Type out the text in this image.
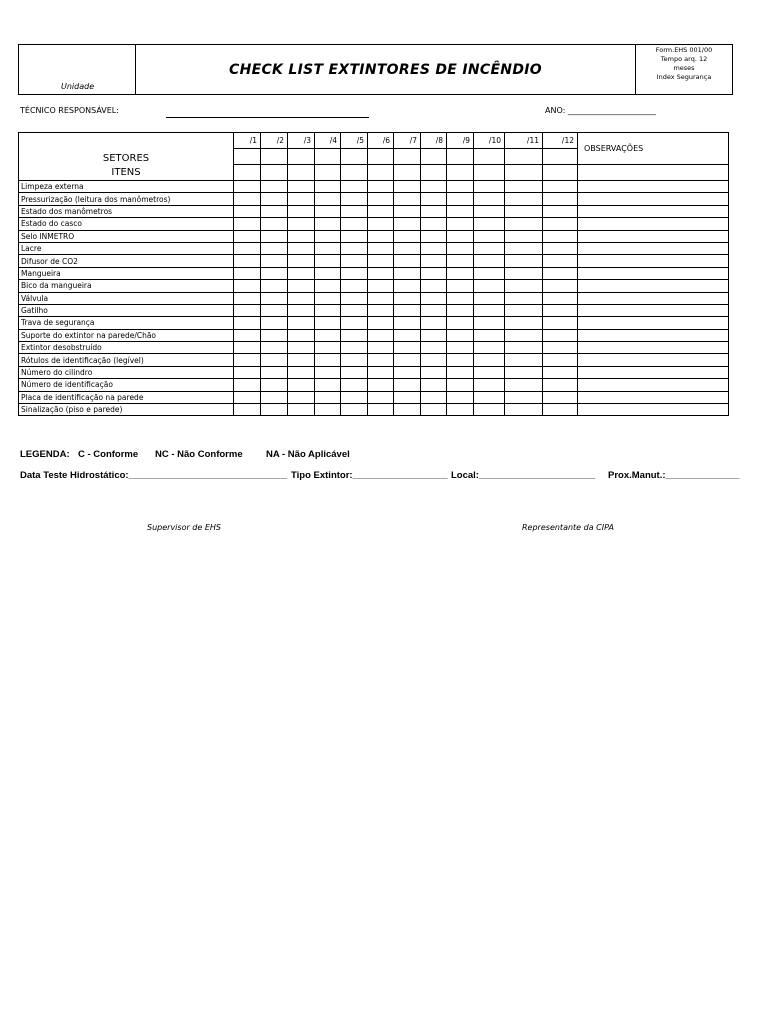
Unidade
CHECK LIST EXTINTORES DE INCÊNDIO
Form.EHS 001/00
Tempo arq. 12
meses
Index Segurança
TÉCNICO RESPONSÁVEL:	ANO: ______________________
SETORES
ITENS	/1	/2	/3	/4	/5	/6	/7	/8	/9	/10	/11	/12	OBSERVAÇÕES

Limpeza externa													
Pressurização (leitura dos manômetros)													
Estado dos manômetros													
Estado do casco													
Selo INMETRO													
Lacre													
Difusor de CO2													
Mangueira													
Bico da mangueira													
Válvula													
Gatilho													
Trava de segurança													
Suporte do extintor na parede/Chão													
Extintor desobstruído													
Rótulos de identificação (legível)													
Número do cilindro													
Número de identificação													
Placa de identificação na parede													
Sinalização (piso e parede)													
LEGENDA: C - Conforme NC - Não Conforme NA - Não Aplicável
Data Teste Hidrostático:______________________________ Tipo Extintor:__________________ Local:______________________ Prox.Manut.:______________
Supervisor de EHS	Representante da CIPA
